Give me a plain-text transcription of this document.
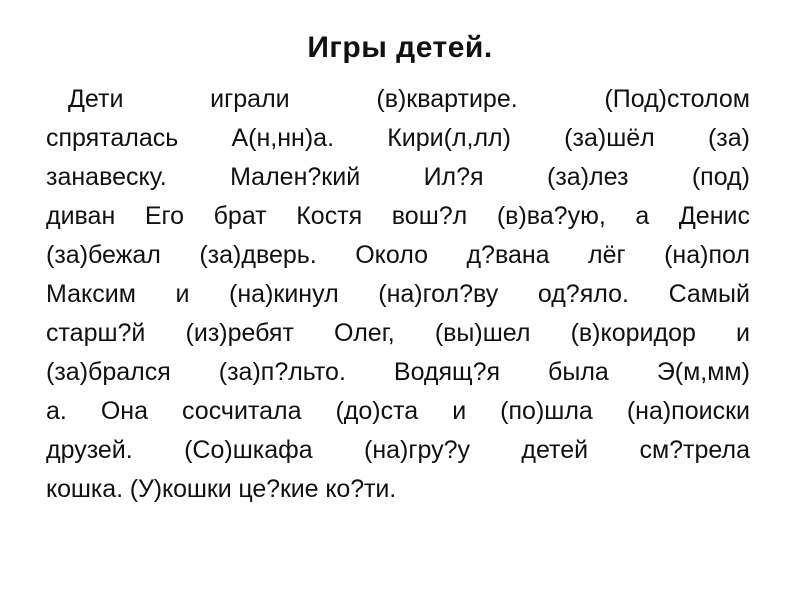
Игры детей.
Дети	играли	(в)квартире.	(Под)столом
спряталась А(н,нн)а. Кири(л,лл) (за)шёл (за)
занавеску.	Мален?кий	Ил?я	(за)лез	(под)
диван Его брат Костя вош?л (в)ва?ую, а Денис
(за)бежал (за)дверь. Около д?вана лёг (на)пол
Максим и (на)кинул (на)гол?ву од?яло. Самый
старш?й (из)ребят Олег, (вы)шел (в)коридор и
(за)брался (за)п?льто. Водящ?я была Э(м,мм)
а. Она сосчитала (до)ста и (по)шла (на)поиски
друзей. (Со)шкафа (на)гру?у детей см?трела
кошка. (У)кошки це?кие ко?ти.
